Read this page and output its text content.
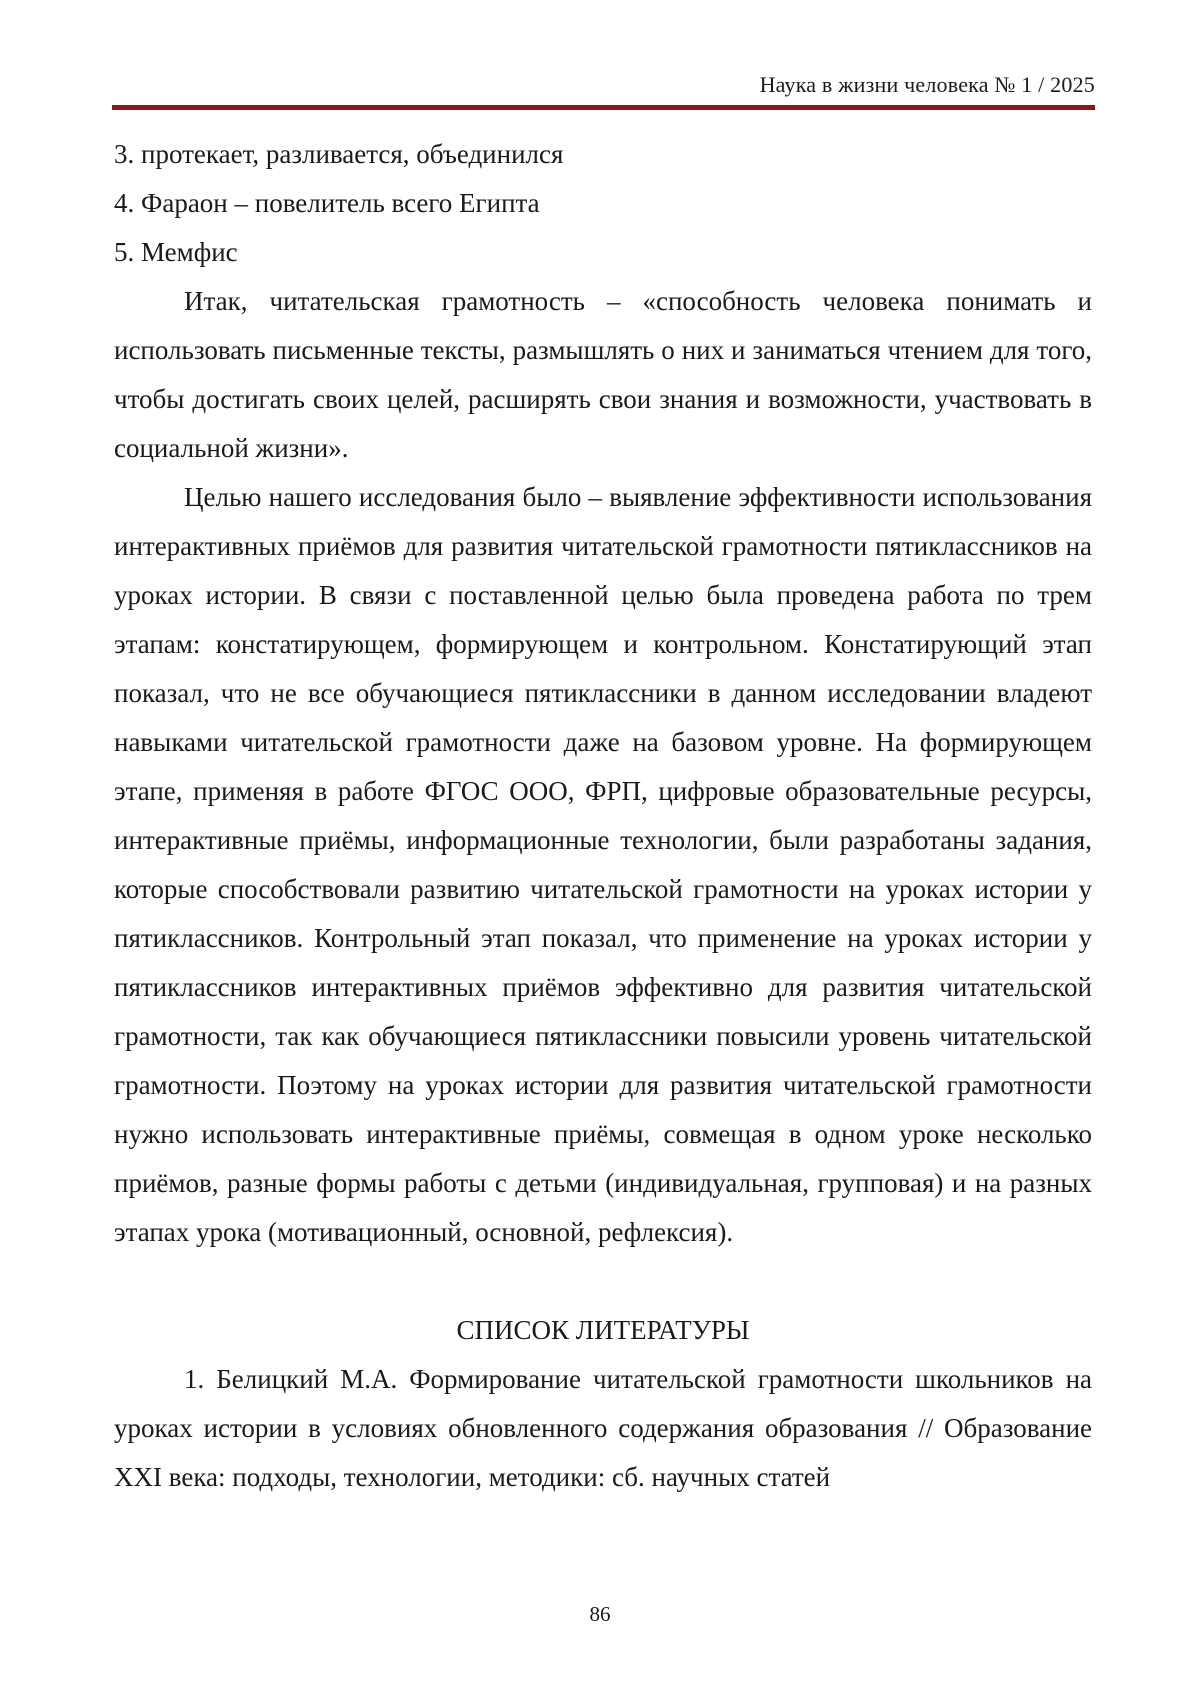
Наука в жизни человека № 1 / 2025

3. протекает, разливается, объединился

4. Фараон – повелитель всего Египта

5. Мемфис

Итак, читательская грамотность – «способность человека понимать и использовать письменные тексты, размышлять о них и заниматься чтением для того, чтобы достигать своих целей, расширять свои знания и возможности, участвовать в социальной жизни».

Целью нашего исследования было – выявление эффективности использования интерактивных приёмов для развития читательской грамотности пятиклассников на уроках истории. В связи с поставленной целью была проведена работа по трем этапам: констатирующем, формирующем и контрольном. Констатирующий этап показал, что не все обучающиеся пятиклассники в данном исследовании владеют навыками читательской грамотности даже на базовом уровне. На формирующем этапе, применяя в работе ФГОС ООО, ФРП, цифровые образовательные ресурсы, интерактивные приёмы, информационные технологии, были разработаны задания, которые способствовали развитию читательской грамотности на уроках истории у пятиклассников. Контрольный этап показал, что применение на уроках истории у пятиклассников интерактивных приёмов эффективно для развития читательской грамотности, так как обучающиеся пятиклассники повысили уровень читательской грамотности. Поэтому на уроках истории для развития читательской грамотности нужно использовать интерактивные приёмы, совмещая в одном уроке несколько приёмов, разные формы работы с детьми (индивидуальная, групповая) и на разных этапах урока (мотивационный, основной, рефлексия).

СПИСОК ЛИТЕРАТУРЫ

1. Белицкий М.А. Формирование читательской грамотности школьников на уроках истории в условиях обновленного содержания образования // Образование XXI века: подходы, технологии, методики: сб. научных статей

86
